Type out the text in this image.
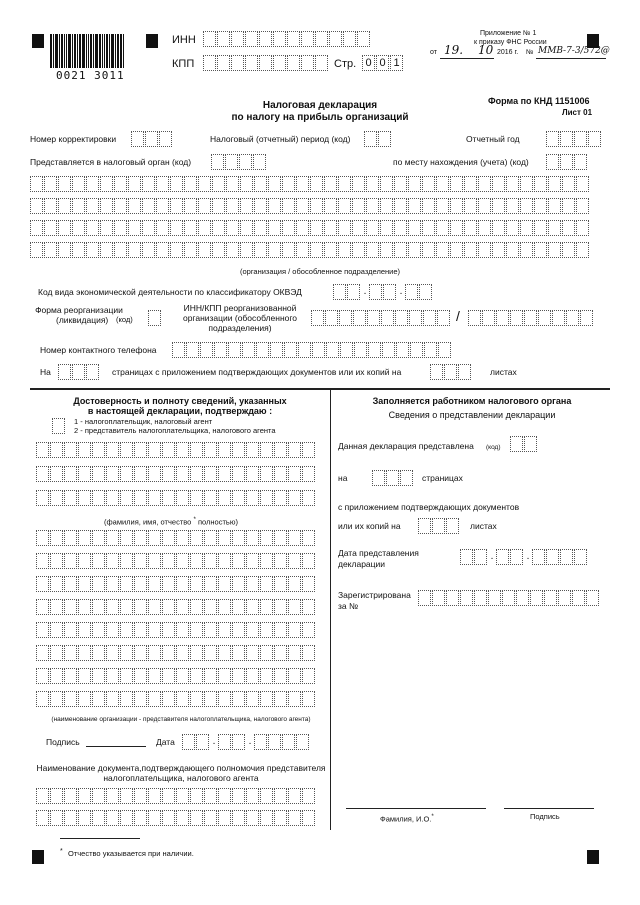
0021 3011
ИНН
КПП	Стр. 0 0 1
Приложение № 1
к приказу ФНС России
от 19. 10 2016 г. № ММВ-7-3/572@
Форма по КНД 1151006
Лист 01
Налоговая декларация
по налогу на прибыль организаций
Номер корректировки	Налоговый (отчетный) период (код)	Отчетный год
Представляется в налоговый орган (код)	по месту нахождения (учета) (код)
(организация / обособленное подразделение)
Код вида экономической деятельности по классификатору ОКВЭД	.	.
Форма реорганизации
(ликвидация) (код)
ИНН/КПП реорганизованной
организации (обособленного
подразделения)
/
Номер контактного телефона
На	страницах с приложением подтверждающих документов или их копий на	листах
Достоверность и полноту сведений, указанных
в настоящей декларации, подтверждаю :
1 - налогоплательщик, налоговый агент
2 - представитель налогоплательщика, налогового агента
(фамилия, имя, отчество * полностью)
(наименование организации - представителя налогоплательщика, налогового агента)
Подпись	Дата	.	.
Наименование документа,подтверждающего полномочия представителя
налогоплательщика, налогового агента
Заполняется работником налогового органа
Сведения о представлении декларации
Данная декларация представлена (код)
на	страницах
с приложением подтверждающих документов
или их копий на	листах
Дата представления
декларации
.	.
Зарегистрирована
за №
Фамилия, И.О.*	Подпись
* Отчество указывается при наличии.
